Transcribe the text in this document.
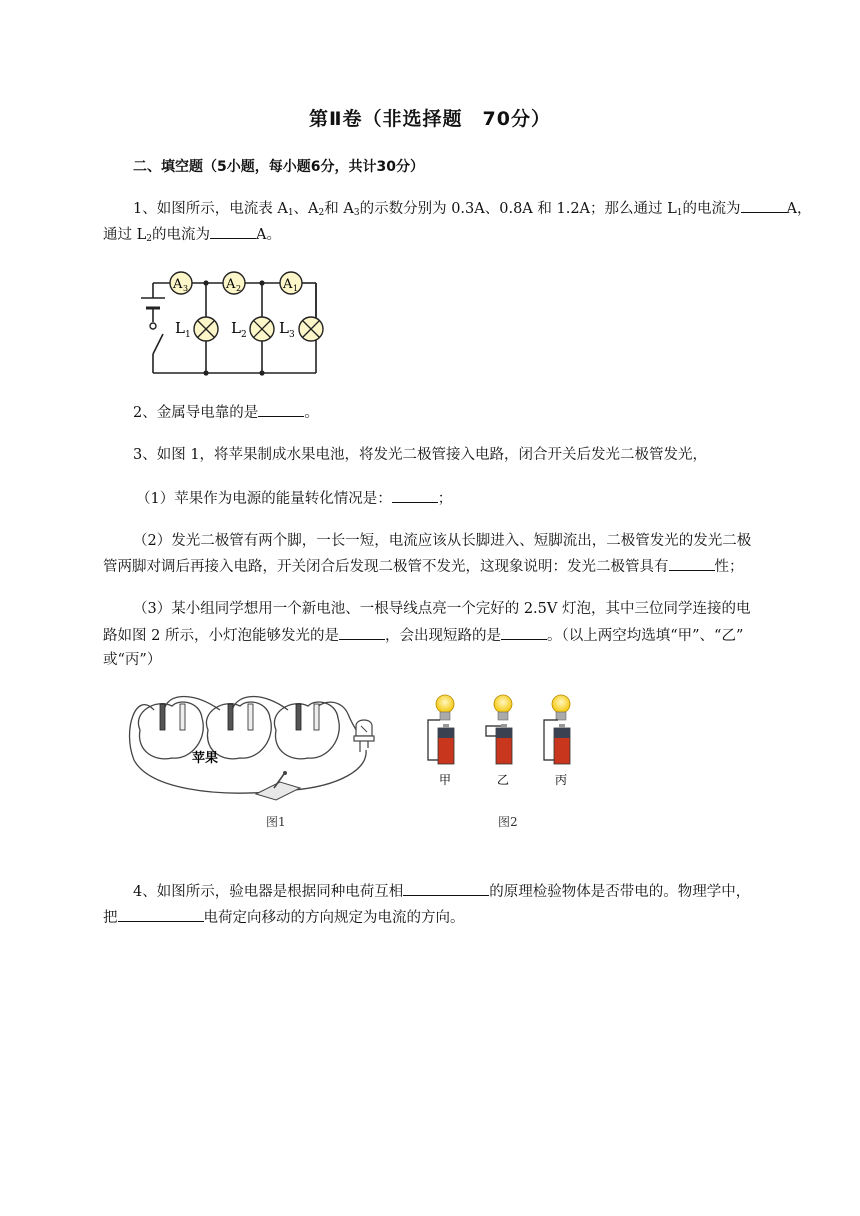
第Ⅱ卷（非选择题　70分）
二、填空题（5小题，每小题6分，共计30分）
1、如图所示，电流表 $A_1$、$A_2$和 $A_3$的示数分别为 0.3A、0.8A 和 1.2A；那么通过 $L_1$的电流为	A，
通过 $L_2$的电流为	A。
A 3	A 2	A 1
L 1	L 2 L 3
2、金属导电靠的是	。
3、如图 1，将苹果制成水果电池，将发光二极管接入电路，闭合开关后发光二极管发光，
（1）苹果作为电源的能量转化情况是：	；
（2）发光二极管有两个脚，一长一短，电流应该从长脚进入、短脚流出，二极管发光的发光二极
管两脚对调后再接入电路，开关闭合后发现二极管不发光，这现象说明：发光二极管具有	性；
（3）某小组同学想用一个新电池、一根导线点亮一个完好的 2.5V 灯泡，其中三位同学连接的电
路如图 2 所示，小灯泡能够发光的是	，会出现短路的是	。（以上两空均选填“甲”、“乙”
或“丙”）
苹果
图1
甲	乙	丙
图2
4、如图所示，验电器是根据同种电荷互相	的原理检验物体是否带电的。物理学中，
把	电荷定向移动的方向规定为电流的方向。
